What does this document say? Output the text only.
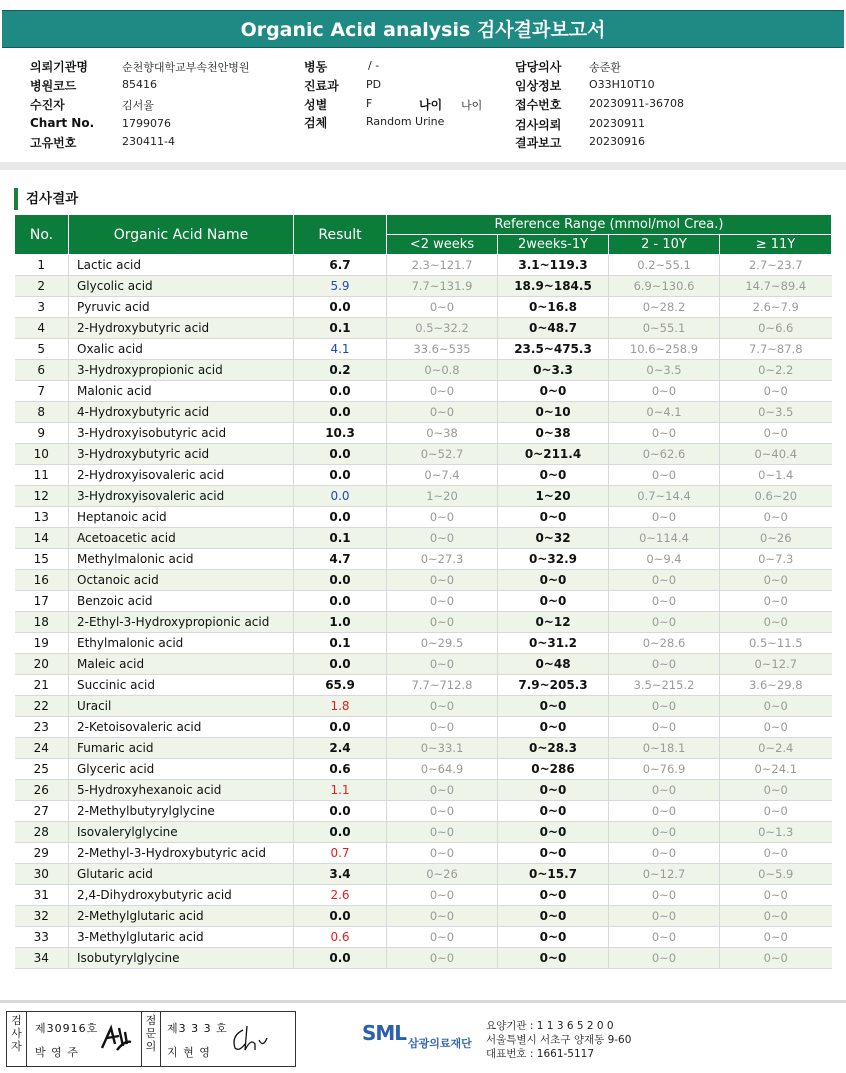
Organic Acid analysis 검사결과보고서
의뢰기관명	순천향대학교부속천안병원
병원코드	85416
수진자	김서율
Chart No.	1799076
고유번호	230411-4
병동	/ -
진료과 PD
성별	F	나이 나이
검체	Random Urine
담당의사	송준환
임상정보	O33H10T10
접수번호	20230911-36708
검사의뢰	20230911
결과보고	20230916
검사결과
No.	Organic Acid Name	Result	Reference Range (mmol/mol Crea.)			
			<2 weeks	2weeks-1Y	2 - 10Y	≥ 11Y
1	Lactic acid	6.7	2.3~121.7	3.1~119.3	0.2~55.1	2.7~23.7
2	Glycolic acid	5.9	7.7~131.9	18.9~184.5	6.9~130.6	14.7~89.4
3	Pyruvic acid	0.0	0~0	0~16.8	0~28.2	2.6~7.9
4	2-Hydroxybutyric acid	0.1	0.5~32.2	0~48.7	0~55.1	0~6.6
5	Oxalic acid	4.1	33.6~535	23.5~475.3	10.6~258.9	7.7~87.8
6	3-Hydroxypropionic acid	0.2	0~0.8	0~3.3	0~3.5	0~2.2
7	Malonic acid	0.0	0~0	0~0	0~0	0~0
8	4-Hydroxybutyric acid	0.0	0~0	0~10	0~4.1	0~3.5
9	3-Hydroxyisobutyric acid	10.3	0~38	0~38	0~0	0~0
10	3-Hydroxybutyric acid	0.0	0~52.7	0~211.4	0~62.6	0~40.4
11	2-Hydroxyisovaleric acid	0.0	0~7.4	0~0	0~0	0~1.4
12	3-Hydroxyisovaleric acid	0.0	1~20	1~20	0.7~14.4	0.6~20
13	Heptanoic acid	0.0	0~0	0~0	0~0	0~0
14	Acetoacetic acid	0.1	0~0	0~32	0~114.4	0~26
15	Methylmalonic acid	4.7	0~27.3	0~32.9	0~9.4	0~7.3
16	Octanoic acid	0.0	0~0	0~0	0~0	0~0
17	Benzoic acid	0.0	0~0	0~0	0~0	0~0
18	2-Ethyl-3-Hydroxypropionic acid	1.0	0~0	0~12	0~0	0~0
19	Ethylmalonic acid	0.1	0~29.5	0~31.2	0~28.6	0.5~11.5
20	Maleic acid	0.0	0~0	0~48	0~0	0~12.7
21	Succinic acid	65.9	7.7~712.8	7.9~205.3	3.5~215.2	3.6~29.8
22	Uracil	1.8	0~0	0~0	0~0	0~0
23	2-Ketoisovaleric acid	0.0	0~0	0~0	0~0	0~0
24	Fumaric acid	2.4	0~33.1	0~28.3	0~18.1	0~2.4
25	Glyceric acid	0.6	0~64.9	0~286	0~76.9	0~24.1
26	5-Hydroxyhexanoic acid	1.1	0~0	0~0	0~0	0~0
27	2-Methylbutyrylglycine	0.0	0~0	0~0	0~0	0~0
28	Isovalerylglycine	0.0	0~0	0~0	0~0	0~1.3
29	2-Methyl-3-Hydroxybutyric acid	0.7	0~0	0~0	0~0	0~0
30	Glutaric acid	3.4	0~26	0~15.7	0~12.7	0~5.9
31	2,4-Dihydroxybutyric acid	2.6	0~0	0~0	0~0	0~0
32	2-Methylglutaric acid	0.0	0~0	0~0	0~0	0~0
33	3-Methylglutaric acid	0.6	0~0	0~0	0~0	0~0
34	Isobutyrylglycine	0.0	0~0	0~0	0~0	0~0
검
사
자
제30916호
박 영 주
점
문
의
제3 3 3 호
지 현 영
SML 삼광의료재단
요양기관 : 1 1 3 6 5 2 0 0
서울특별시 서초구 양재동 9-60
대표번호 : 1661-5117
